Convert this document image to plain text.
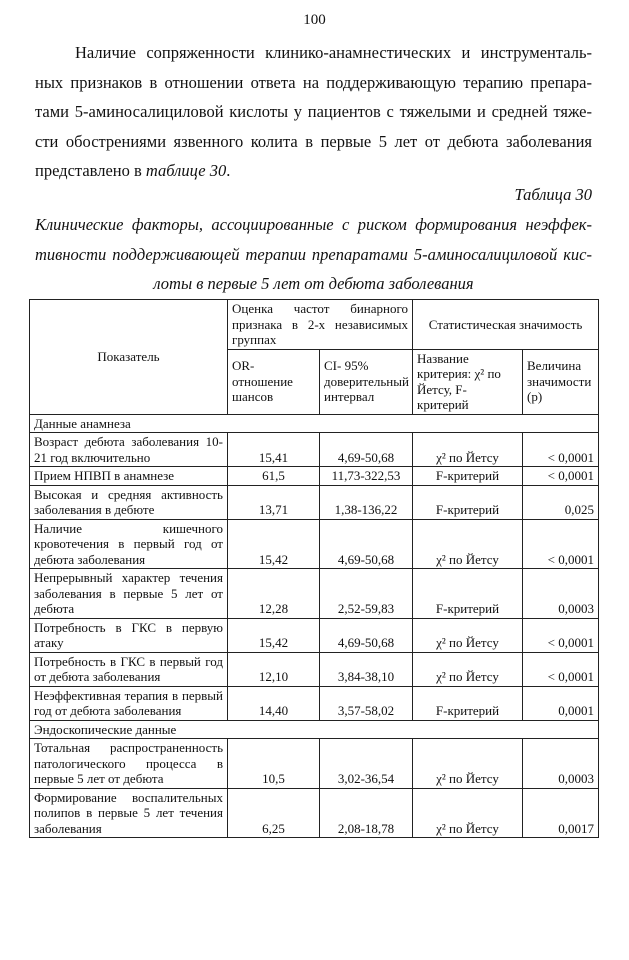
100
Наличие сопряженности клинико-анамнестических и инструменталь-
ных признаков в отношении ответа на поддерживающую терапию препара-
тами 5-аминосалициловой кислоты у пациентов с тяжелыми и средней тяже-
сти обострениями язвенного колита в первые 5 лет от дебюта заболевания
представлено в таблице 30.
Таблица 30
Клинические факторы, ассоциированные с риском формирования неэффек-
тивности поддерживающей терапии препаратами 5-аминосалициловой кис-
лоты в первые 5 лет от дебюта заболевания
Показатель	Оценка частот бинарного признака в 2-х независимых группах		Статистическая значимость	
	OR-отношение шансов	CI- 95% доверительный интервал	Название критерия: χ² по Йетсу, F-критерий	Величина значимости (p)
Данные анамнеза				
Возраст дебюта заболевания 10-21 год включительно	15,41	4,69-50,68	χ² по Йетсу	< 0,0001
Прием НПВП в анамнезе	61,5	11,73-322,53	F-критерий	< 0,0001
Высокая и средняя активность заболевания в дебюте	13,71	1,38-136,22	F-критерий	0,025
Наличие кишечного кровотечения в первый год от дебюта заболевания	15,42	4,69-50,68	χ² по Йетсу	< 0,0001
Непрерывный характер течения заболевания в первые 5 лет от дебюта	12,28	2,52-59,83	F-критерий	0,0003
Потребность в ГКС в первую атаку	15,42	4,69-50,68	χ² по Йетсу	< 0,0001
Потребность в ГКС в первый год от дебюта заболевания	12,10	3,84-38,10	χ² по Йетсу	< 0,0001
Неэффективная терапия в первый год от дебюта заболевания	14,40	3,57-58,02	F-критерий	0,0001
Эндоскопические данные				
Тотальная распространенность патологического процесса в первые 5 лет от дебюта	10,5	3,02-36,54	χ² по Йетсу	0,0003
Формирование воспалительных полипов в первые 5 лет течения заболевания	6,25	2,08-18,78	χ² по Йетсу	0,0017
